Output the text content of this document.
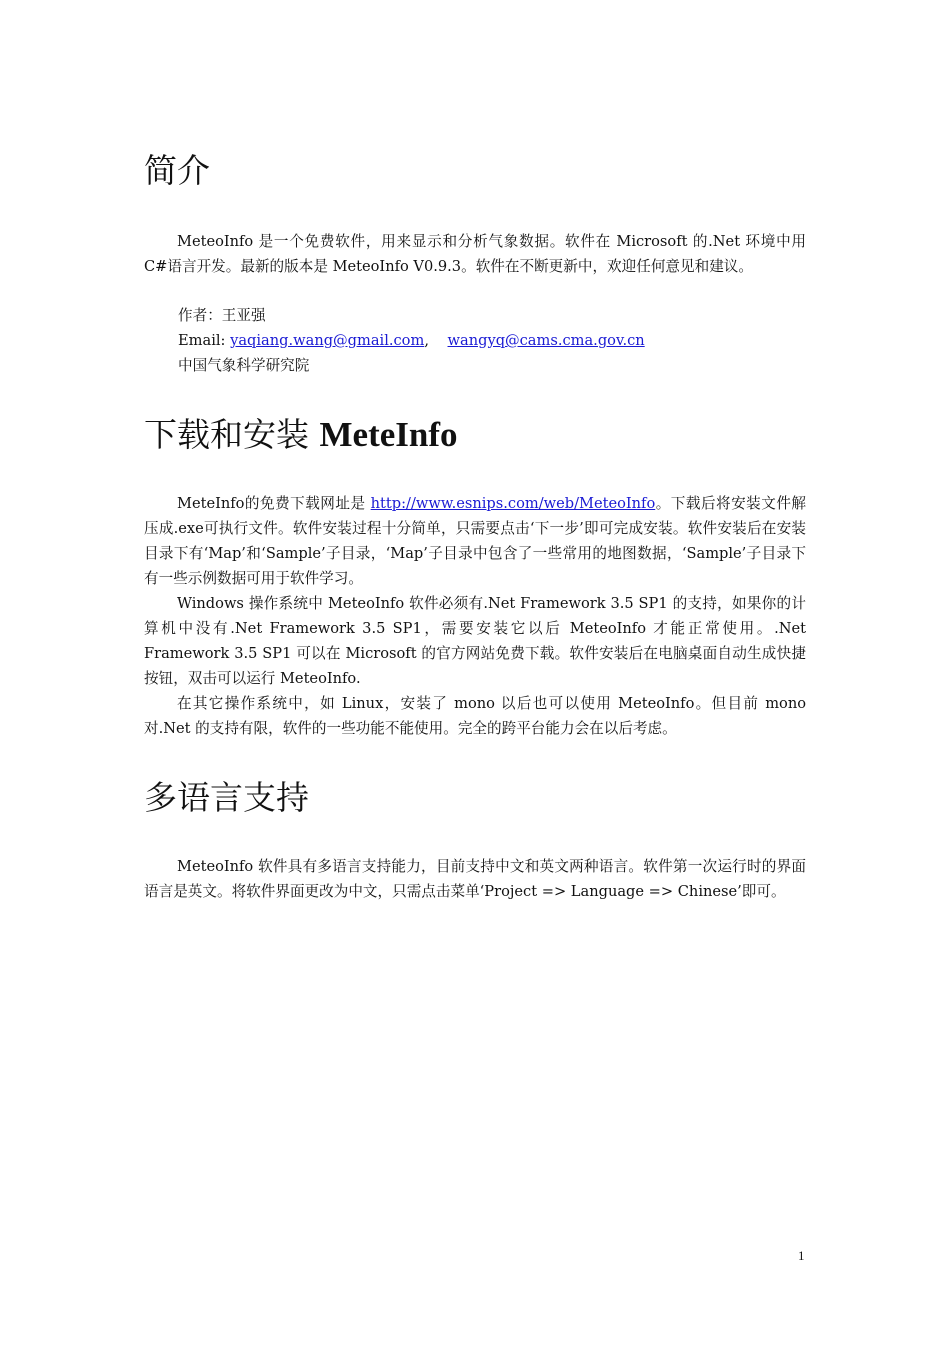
简介

MeteoInfo 是一个免费软件，用来显示和分析气象数据。软件在 Microsoft 的.Net 环境中用 C#语言开发。最新的版本是 MeteoInfo V0.9.3。软件在不断更新中，欢迎任何意见和建议。

作者：王亚强

Email: yaqiang.wang@gmail.com, wangyq@cams.cma.gov.cn

中国气象科学研究院

下载和安装 MeteInfo

MeteInfo的免费下载网址是 http://www.esnips.com/web/MeteoInfo。下载后将安装文件解压成.exe可执行文件。软件安装过程十分简单，只需要点击‘下一步’即可完成安装。软件安装后在安装目录下有‘Map’和‘Sample’子目录，‘Map’子目录中包含了一些常用的地图数据，‘Sample’子目录下有一些示例数据可用于软件学习。

Windows 操作系统中 MeteoInfo 软件必须有.Net Framework 3.5 SP1 的支持，如果你的计算机中没有.Net Framework 3.5 SP1，需要安装它以后 MeteoInfo 才能正常使用。.Net Framework 3.5 SP1 可以在 Microsoft 的官方网站免费下载。软件安装后在电脑桌面自动生成快捷按钮，双击可以运行 MeteoInfo.

在其它操作系统中，如 Linux，安装了 mono 以后也可以使用 MeteoInfo。但目前 mono 对.Net 的支持有限，软件的一些功能不能使用。完全的跨平台能力会在以后考虑。

多语言支持

MeteoInfo 软件具有多语言支持能力，目前支持中文和英文两种语言。软件第一次运行时的界面语言是英文。将软件界面更改为中文，只需点击菜单‘Project => Language => Chinese’即可。

1
